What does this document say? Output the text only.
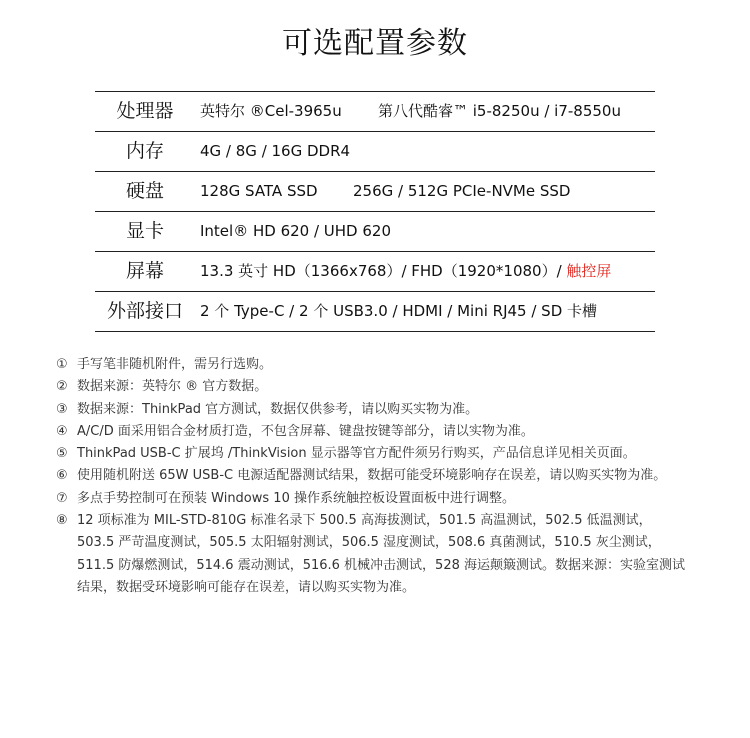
可选配置参数
处理器	英特尔 ®Cel-3965u 第八代酷睿™ i5-8250u / i7-8550u
内存	4G / 8G / 16G DDR4
硬盘	128G SATA SSD 256G / 512G PCIe-NVMe SSD
显卡	Intel® HD 620 / UHD 620
屏幕	13.3 英寸 HD（1366x768）/ FHD（1920*1080）/ 触控屏
外部接口	2 个 Type-C / 2 个 USB3.0 / HDMI / Mini RJ45 / SD 卡槽
① 手写笔非随机附件，需另行选购。
② 数据来源：英特尔 ® 官方数据。
③ 数据来源：ThinkPad 官方测试，数据仅供参考，请以购买实物为准。
④ A/C/D 面采用铝合金材质打造，不包含屏幕、键盘按键等部分，请以实物为准。
⑤ ThinkPad USB-C 扩展坞 /ThinkVision 显示器等官方配件须另行购买，产品信息详见相关页面。
⑥ 使用随机附送 65W USB-C 电源适配器测试结果，数据可能受环境影响存在误差，请以购买实物为准。
⑦ 多点手势控制可在预装 Windows 10 操作系统触控板设置面板中进行调整。
⑧ 12 项标准为 MIL-STD-810G 标准名录下 500.5 高海拔测试，501.5 高温测试，502.5 低温测试，503.5 严苛温度测试，505.5 太阳辐射测试，506.5 湿度测试，508.6 真菌测试，510.5 灰尘测试，511.5 防爆燃测试，514.6 震动测试，516.6 机械冲击测试，528 海运颠簸测试。数据来源：实验室测试结果，数据受环境影响可能存在误差，请以购买实物为准。
